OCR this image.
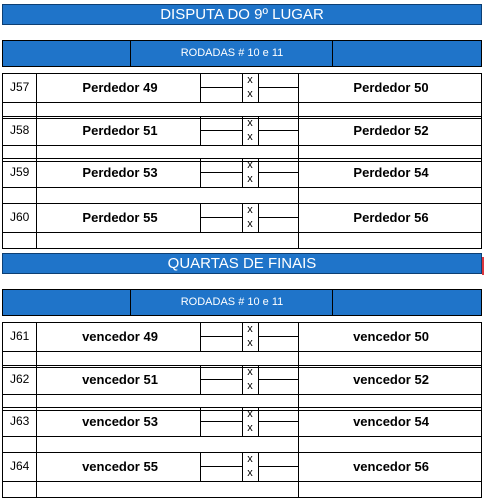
DISPUTA DO 9º LUGAR
RODADAS # 10 e 11
J57	Perdedor 49	Perdedor 50
x
x
J58	Perdedor 51	Perdedor 52
x
x
J59	Perdedor 53	Perdedor 54
x
x
J60	Perdedor 55	Perdedor 56
x
x
QUARTAS DE FINAIS
RODADAS # 10 e 11
J61	vencedor 49	vencedor 50
x
x
J62	vencedor 51	vencedor 52
x
x
J63	vencedor 53	vencedor 54
x
x
J64	vencedor 55	vencedor 56
x
x
